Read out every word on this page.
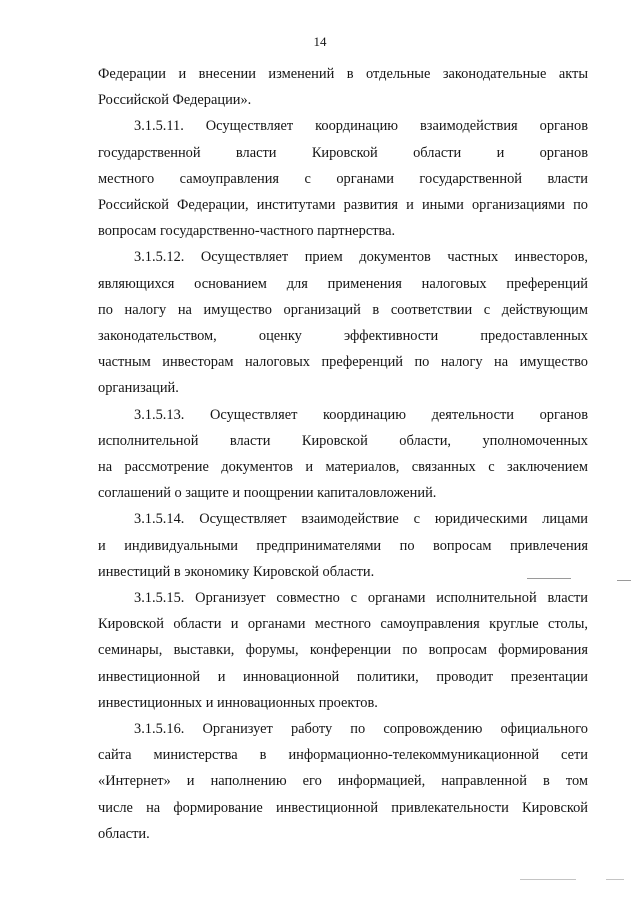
14
Федерации и внесении изменений в отдельные законодательные акты
Российской Федерации».
3.1.5.11. Осуществляет координацию взаимодействия органов
государственной власти Кировской области и органов
местного самоуправления с органами государственной власти
Российской Федерации, институтами развития и иными организациями по
вопросам государственно-частного партнерства.
3.1.5.12. Осуществляет прием документов частных инвесторов,
являющихся основанием для применения налоговых преференций
по налогу на имущество организаций в соответствии с действующим
законодательством, оценку эффективности предоставленных
частным инвесторам налоговых преференций по налогу на имущество
организаций.
3.1.5.13. Осуществляет координацию деятельности органов
исполнительной власти Кировской области, уполномоченных
на рассмотрение документов и материалов, связанных с заключением
соглашений о защите и поощрении капиталовложений.
3.1.5.14. Осуществляет взаимодействие с юридическими лицами
и индивидуальными предпринимателями по вопросам привлечения
инвестиций в экономику Кировской области.
3.1.5.15. Организует совместно с органами исполнительной власти
Кировской области и органами местного самоуправления круглые столы,
семинары, выставки, форумы, конференции по вопросам формирования
инвестиционной и инновационной политики, проводит презентации
инвестиционных и инновационных проектов.
3.1.5.16. Организует работу по сопровождению официального
сайта министерства в информационно-телекоммуникационной сети
«Интернет» и наполнению его информацией, направленной в том
числе на формирование инвестиционной привлекательности Кировской
области.
